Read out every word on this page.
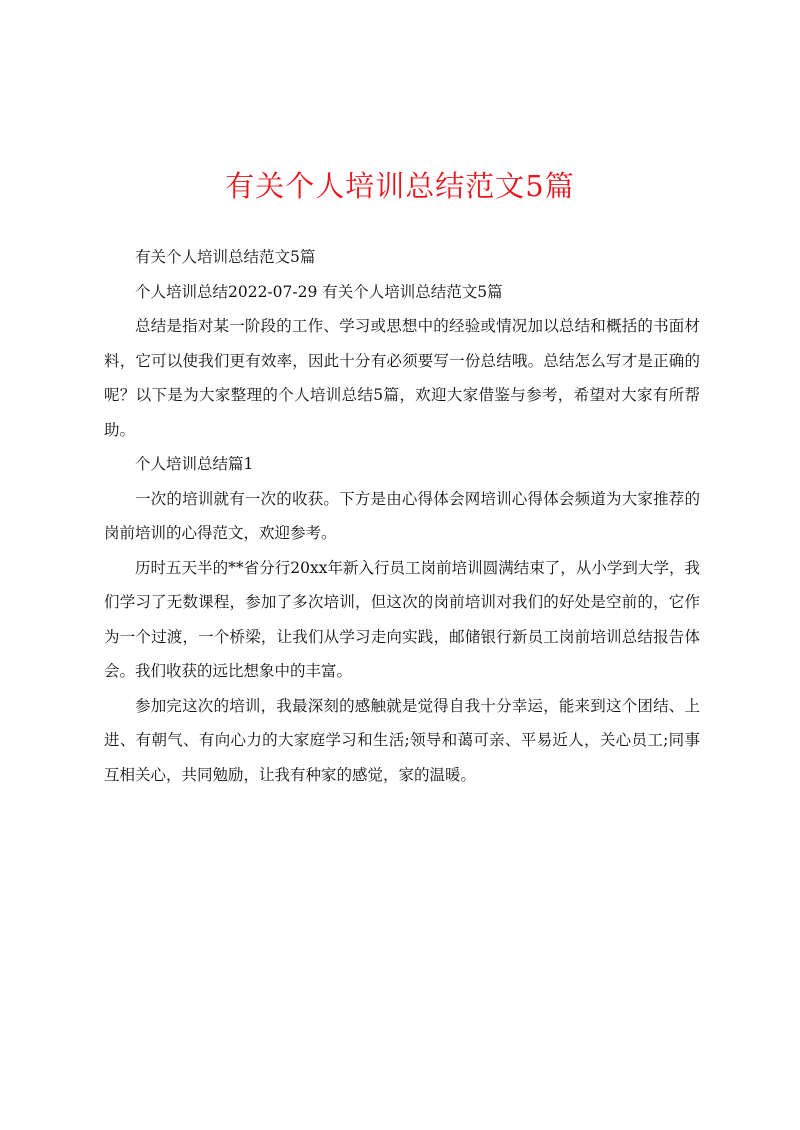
有关个人培训总结范文5篇

有关个人培训总结范文5篇

个人培训总结2022-07-29 有关个人培训总结范文5篇

总结是指对某一阶段的工作、学习或思想中的经验或情况加以总结和概括的书面材料，它可以使我们更有效率，因此十分有必须要写一份总结哦。总结怎么写才是正确的呢？以下是为大家整理的个人培训总结5篇，欢迎大家借鉴与参考，希望对大家有所帮助。

个人培训总结篇1

一次的培训就有一次的收获。下方是由心得体会网培训心得体会频道为大家推荐的岗前培训的心得范文，欢迎参考。

历时五天半的**省分行20xx年新入行员工岗前培训圆满结束了，从小学到大学，我们学习了无数课程，参加了多次培训，但这次的岗前培训对我们的好处是空前的，它作为一个过渡，一个桥梁，让我们从学习走向实践，邮储银行新员工岗前培训总结报告体会。我们收获的远比想象中的丰富。

参加完这次的培训，我最深刻的感触就是觉得自我十分幸运，能来到这个团结、上进、有朝气、有向心力的大家庭学习和生活;领导和蔼可亲、平易近人，关心员工;同事互相关心，共同勉励，让我有种家的感觉，家的温暖。
